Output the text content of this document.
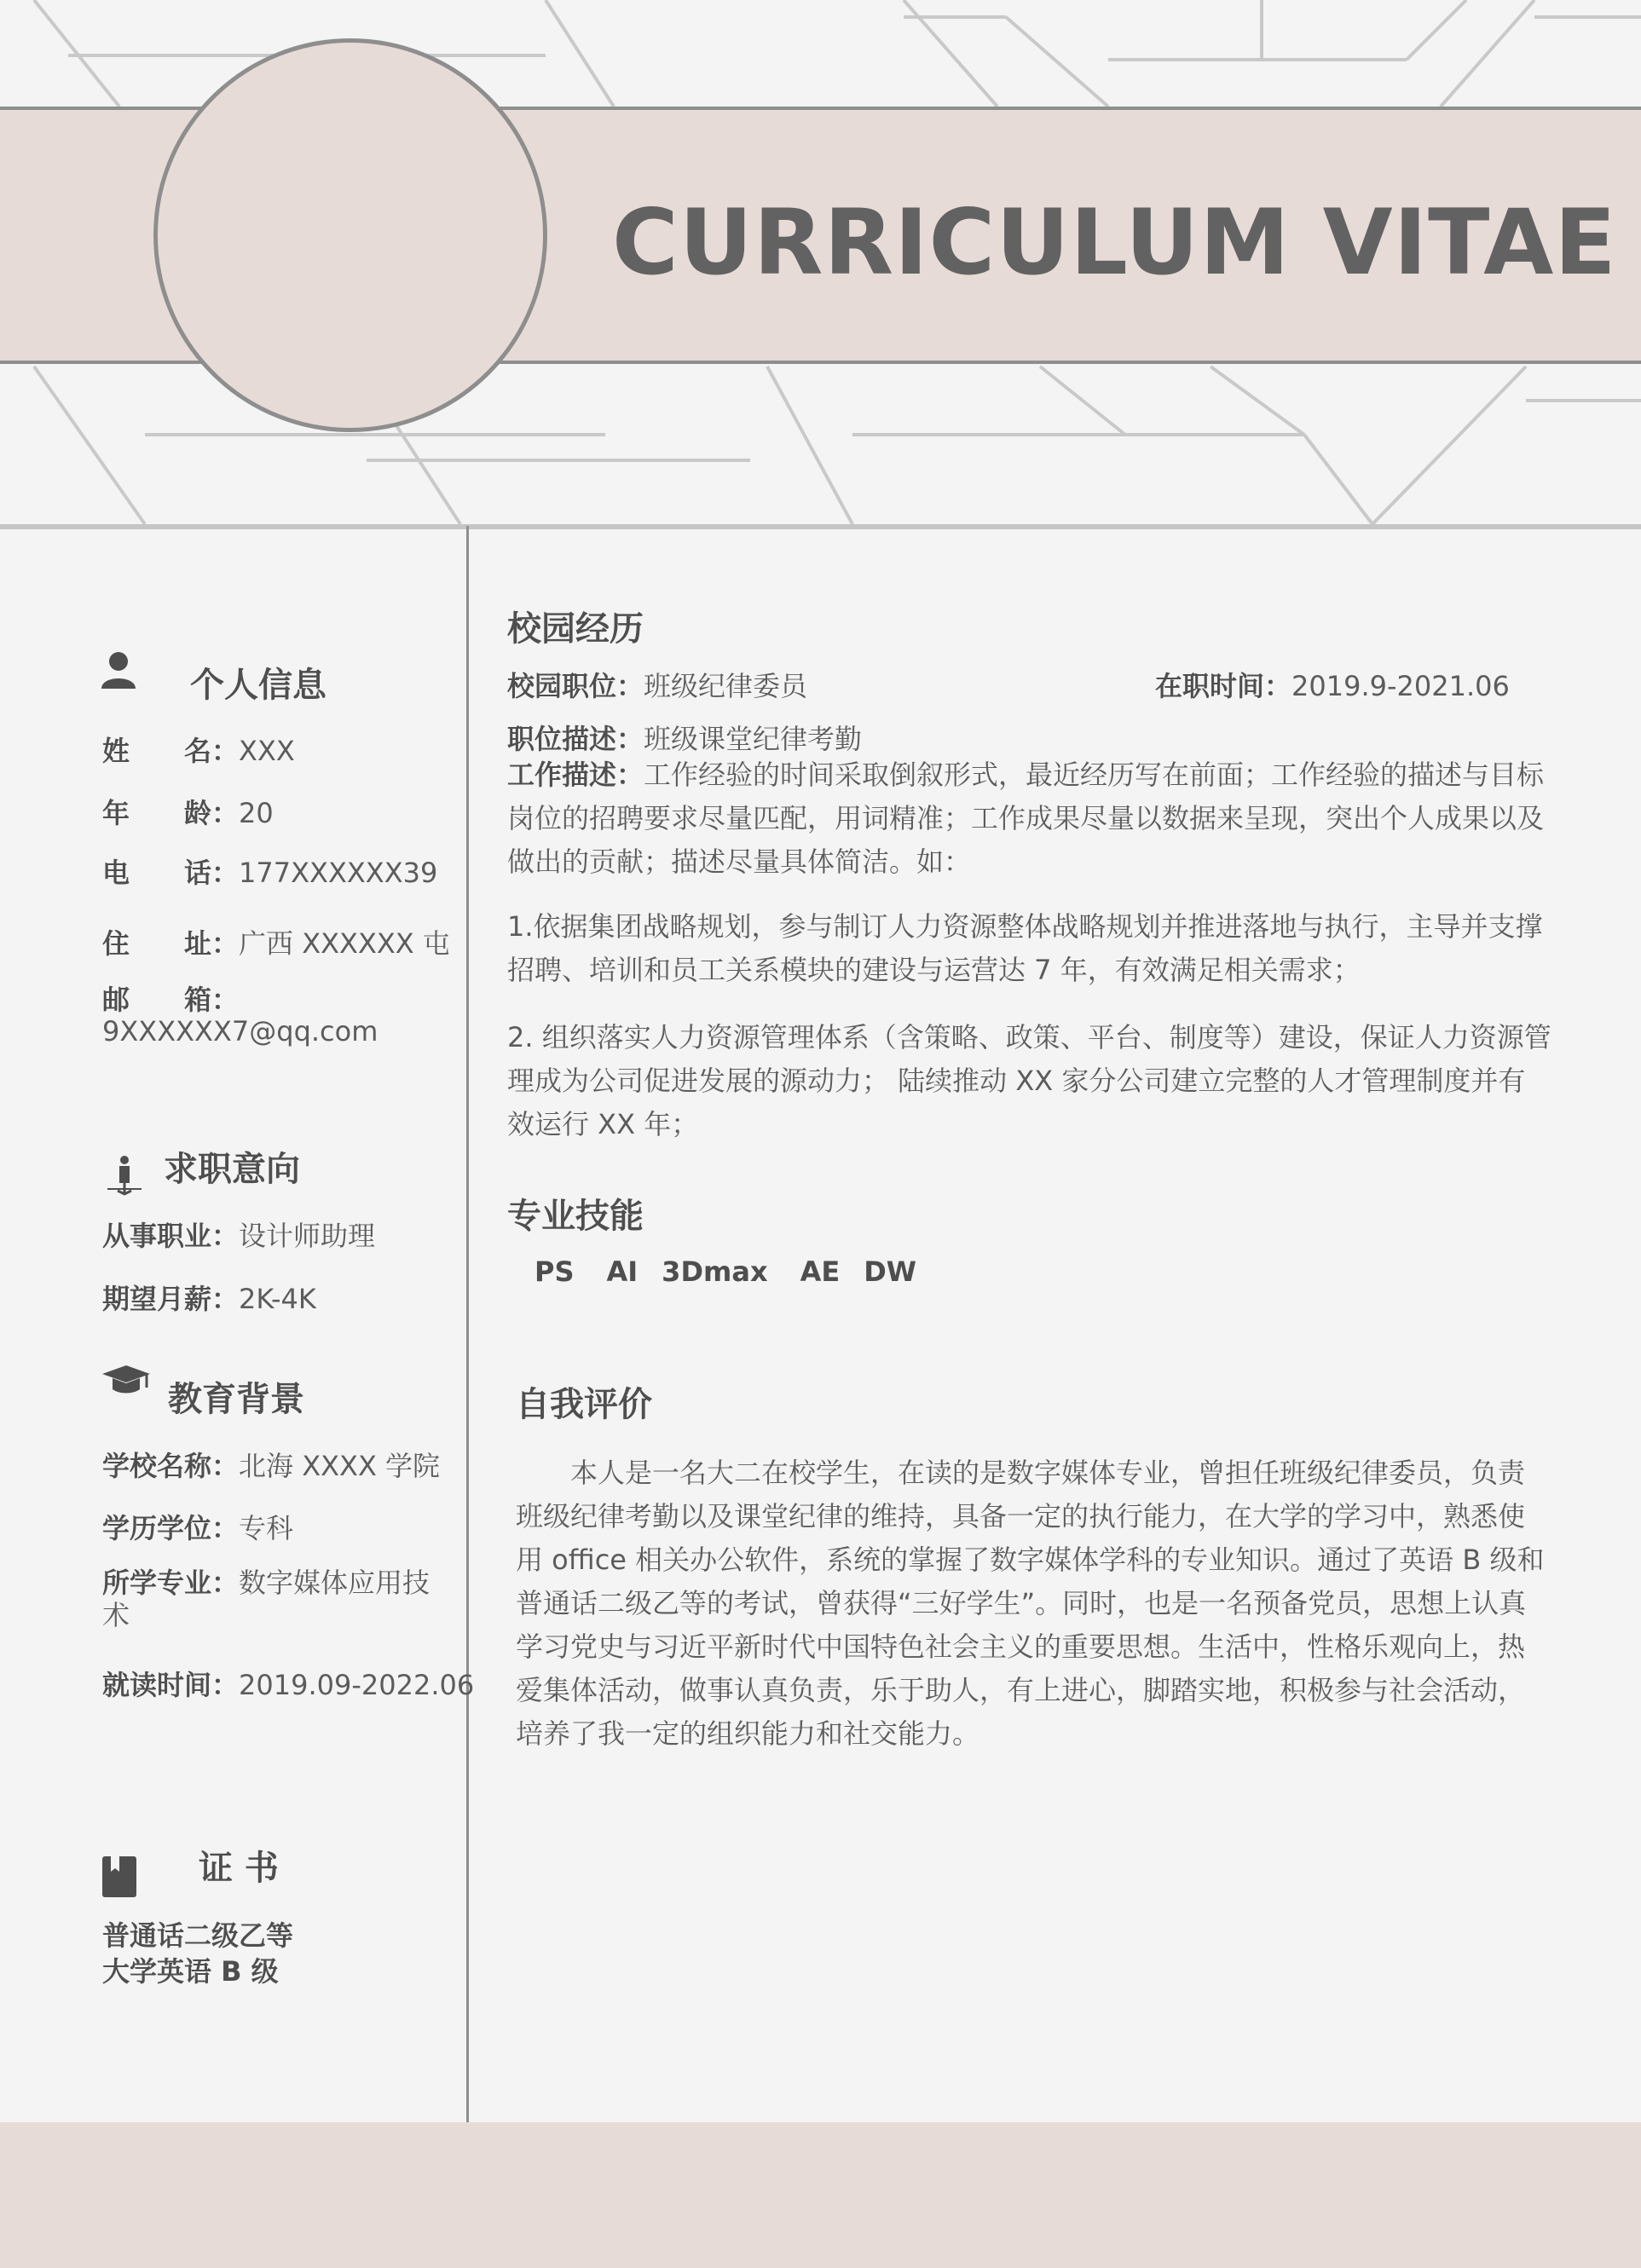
CURRICULUM VITAE
个人信息
姓　　名：XXX
年　　龄：20
电　　话：177XXXXXX39
住　　址：广西 XXXXXX 屯
邮　　箱：
9XXXXXX7@qq.com
求职意向
从事职业：设计师助理
期望月薪：2K-4K
教育背景
学校名称：北海 XXXX 学院
学历学位：专科
所学专业：数字媒体应用技术
就读时间：2019.09-2022.06
证 书
普通话二级乙等
大学英语 B 级
校园经历
校园职位：班级纪律委员	在职时间：2019.9-2021.06
职位描述：班级课堂纪律考勤
工作描述：工作经验的时间采取倒叙形式，最近经历写在前面；工作经验的描述与目标岗位的招聘要求尽量匹配，用词精准；工作成果尽量以数据来呈现，突出个人成果以及做出的贡献；描述尽量具体简洁。如：
1.依据集团战略规划，参与制订人力资源整体战略规划并推进落地与执行，主导并支撑招聘、培训和员工关系模块的建设与运营达 7 年，有效满足相关需求；
2. 组织落实人力资源管理体系（含策略、政策、平台、制度等）建设，保证人力资源管理成为公司促进发展的源动力； 陆续推动 XX 家分公司建立完整的人才管理制度并有效运行 XX 年；
专业技能
PS AI 3Dmax AE DW
自我评价
本人是一名大二在校学生，在读的是数字媒体专业，曾担任班级纪律委员，负责班级纪律考勤以及课堂纪律的维持，具备一定的执行能力，在大学的学习中，熟悉使用 office 相关办公软件，系统的掌握了数字媒体学科的专业知识。通过了英语 B 级和普通话二级乙等的考试，曾获得“三好学生”。同时，也是一名预备党员，思想上认真学习党史与习近平新时代中国特色社会主义的重要思想。生活中，性格乐观向上，热爱集体活动，做事认真负责，乐于助人，有上进心，脚踏实地，积极参与社会活动，培养了我一定的组织能力和社交能力。
